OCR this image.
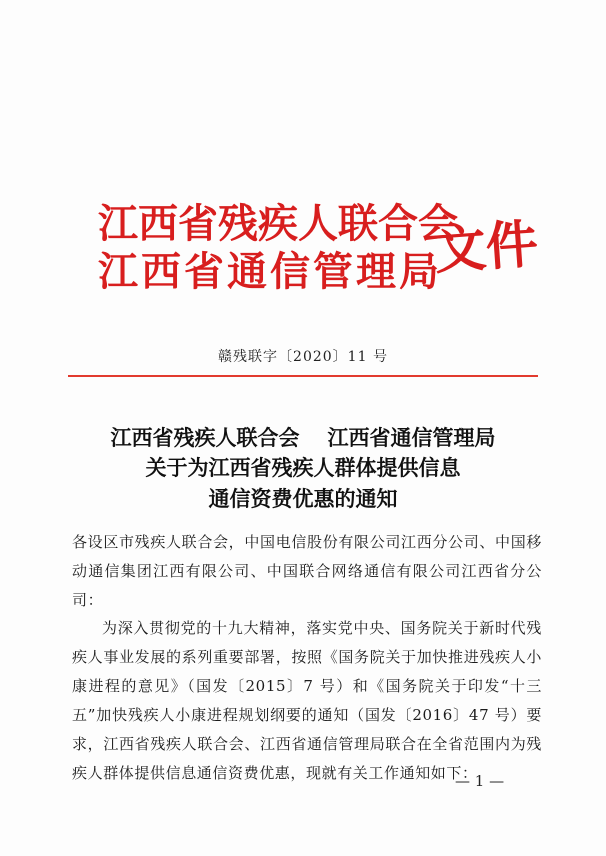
江西省残疾人联合会
江西省通信管理局
文件
赣残联字〔2020〕11 号
江西省残疾人联合会 江西省通信管理局
关于为江西省残疾人群体提供信息
通信资费优惠的通知
各设区市残疾人联合会，中国电信股份有限公司江西分公司、中国移动通信集团江西有限公司、中国联合网络通信有限公司江西省分公司：
为深入贯彻党的十九大精神，落实党中央、国务院关于新时代残疾人事业发展的系列重要部署，按照《国务院关于加快推进残疾人小康进程的意见》（国发〔2015〕7 号）和《国务院关于印发“十三五”加快残疾人小康进程规划纲要的通知（国发〔2016〕47 号）要求，江西省残疾人联合会、江西省通信管理局联合在全省范围内为残疾人群体提供信息通信资费优惠，现就有关工作通知如下：
— 1 —
